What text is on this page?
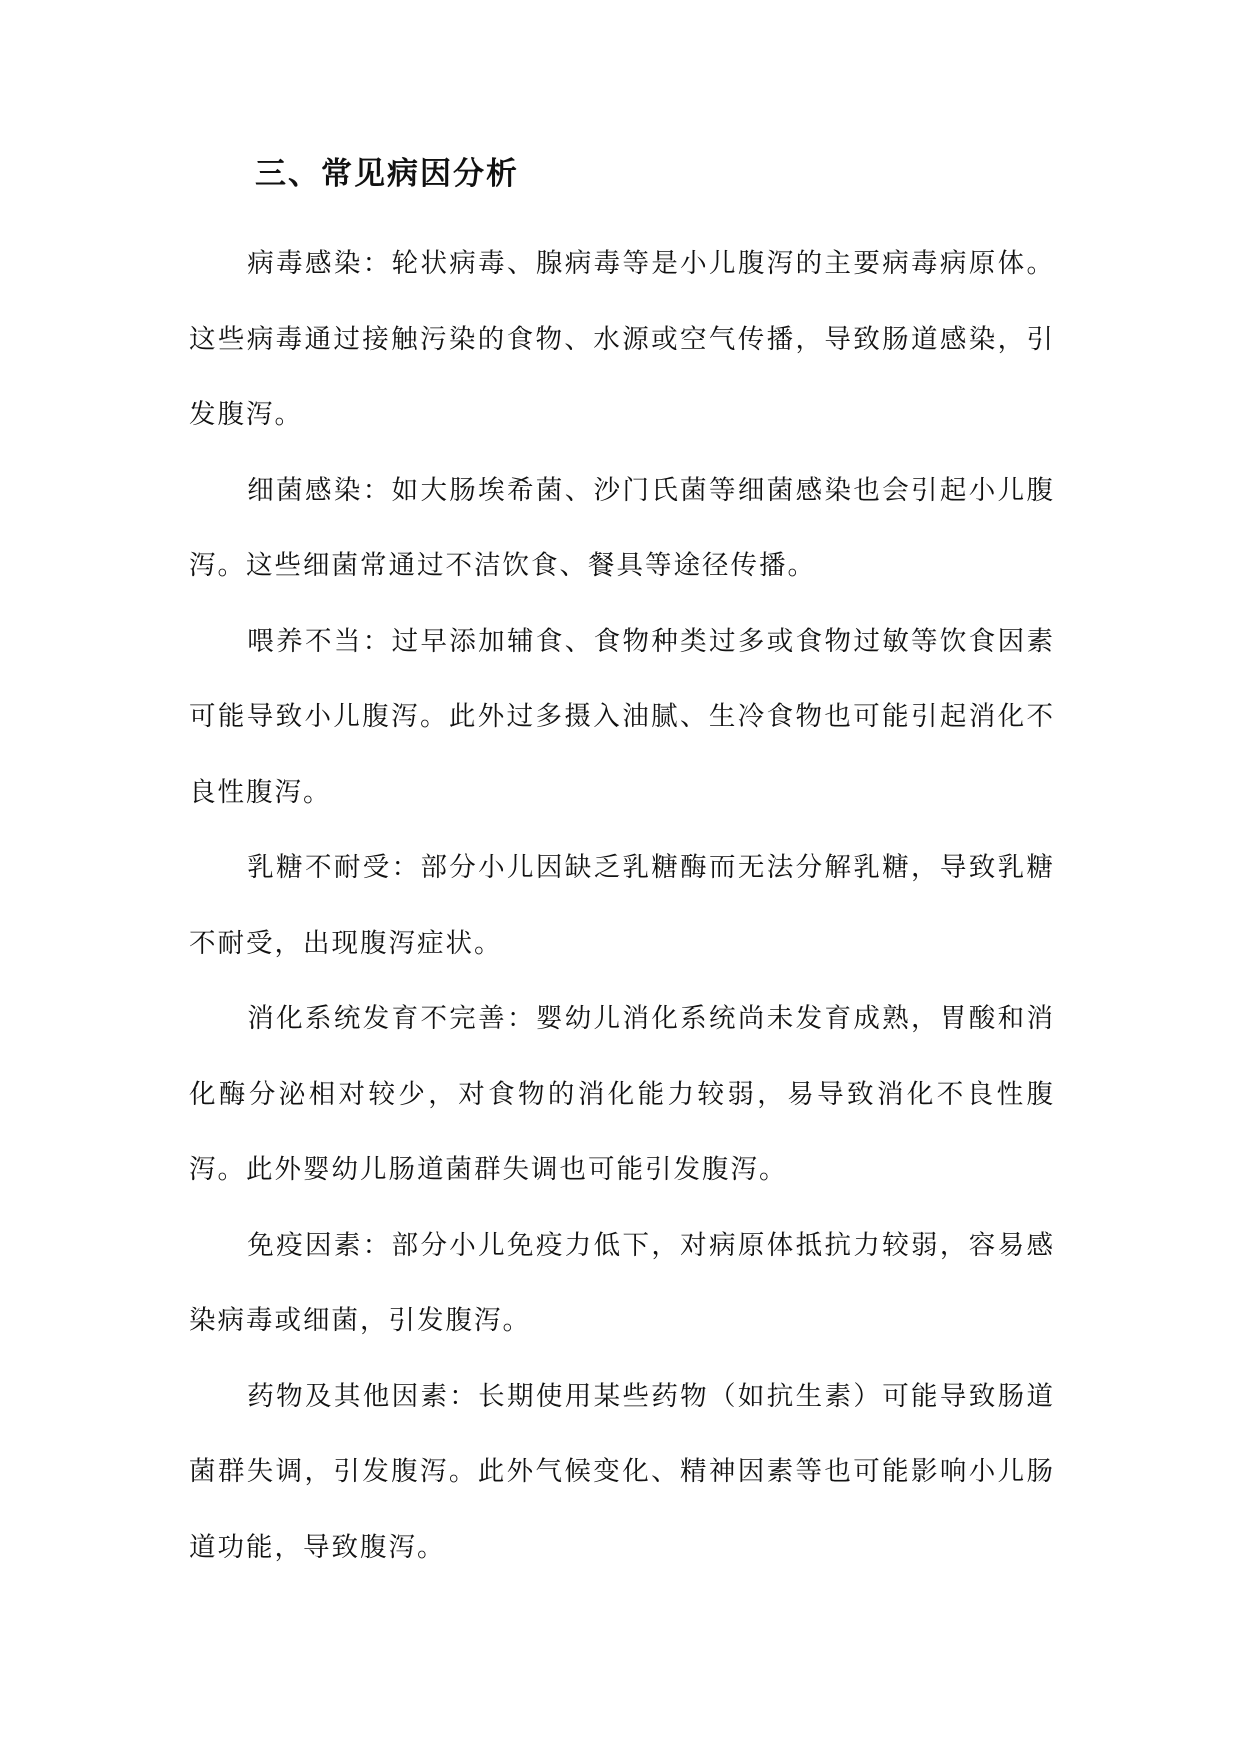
三、常见病因分析

病毒感染：轮状病毒、腺病毒等是小儿腹泻的主要病毒病原体。这些病毒通过接触污染的食物、水源或空气传播，导致肠道感染，引发腹泻。

细菌感染：如大肠埃希菌、沙门氏菌等细菌感染也会引起小儿腹泻。这些细菌常通过不洁饮食、餐具等途径传播。

喂养不当：过早添加辅食、食物种类过多或食物过敏等饮食因素可能导致小儿腹泻。此外过多摄入油腻、生冷食物也可能引起消化不良性腹泻。

乳糖不耐受：部分小儿因缺乏乳糖酶而无法分解乳糖，导致乳糖不耐受，出现腹泻症状。

消化系统发育不完善：婴幼儿消化系统尚未发育成熟，胃酸和消化酶分泌相对较少，对食物的消化能力较弱，易导致消化不良性腹泻。此外婴幼儿肠道菌群失调也可能引发腹泻。

免疫因素：部分小儿免疫力低下，对病原体抵抗力较弱，容易感染病毒或细菌，引发腹泻。

药物及其他因素：长期使用某些药物（如抗生素）可能导致肠道菌群失调，引发腹泻。此外气候变化、精神因素等也可能影响小儿肠道功能，导致腹泻。
